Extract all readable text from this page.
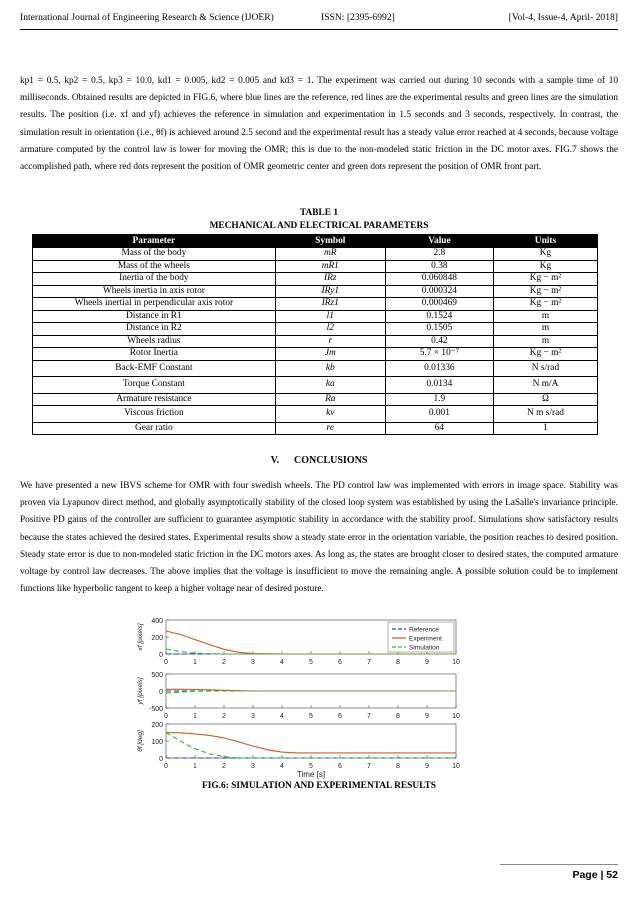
International Journal of Engineering Research & Science (IJOER)	ISSN: [2395-6992]	[Vol-4, Issue-4, April- 2018]

kp1 = 0.5, kp2 = 0.5, kp3 = 10.0, kd1 = 0.005, kd2 = 0.005 and kd3 = 1. The experiment was carried out during 10 seconds with a sample time of 10 milliseconds. Obtained results are depicted in FIG.6, where blue lines are the reference, red lines are the experimental results and green lines are the simulation results. The position (i.e. xf and yf) achieves the reference in simulation and experimentation in 1.5 seconds and 3 seconds, respectively. In contrast, the simulation result in orientation (i.e., θf) is achieved around 2.5 second and the experimental result has a steady value error reached at 4 seconds, because voltage armature computed by the control law is lower for moving the OMR; this is due to the non-modeled static friction in the DC motor axes. FIG.7 shows the accomplished path, where red dots represent the position of OMR geometric center and green dots represent the position of OMR front part.

TABLE 1
MECHANICAL AND ELECTRICAL PARAMETERS
Parameter	Symbol	Value	Units
Mass of the body	mR	2.8	Kg
Mass of the wheels	mR1	0.38	Kg
Inertia of the body	IRz	0.060848	Kg − m²
Wheels inertia in axis rotor	IRy1	0.000324	Kg − m²
Wheels inertial in perpendicular axis rotor	IRz1	0.000469	Kg − m²
Distance in R1	l1	0.1524	m
Distance in R2	l2	0.1505	m
Wheels radius	r	0.42	m
Rotor Inertia	Jm	5.7 × 10⁻⁷	Kg − m²
Back-EMF Constant	kb	0.01336	N s/rad
Torque Constant	ka	0.0134	N m/A
Armature resistance	Ra	1.9	Ω
Viscous friction	kv	0.001	N m s/rad
Gear ratio	re	64	1
V. CONCLUSIONS

We have presented a new IBVS scheme for OMR with four swedish wheels. The PD control law was implemented with errors in image space. Stability was proven via Lyapunov direct method, and globally asymptotically stability of the closed loop system was established by using the LaSalle's invariance principle. Positive PD gains of the controller are sufficient to guarantee asymptotic stability in accordance with the stability proof. Simulations show satisfactory results because the states achieved the desired states. Experimental results show a steady state error in the orientation variable, the position reaches to desired position. Steady state error is due to non-modeled static friction in the DC motors axes. As long as, the states are brought closer to desired states, the computed armature voltage by control law decreases. The above implies that the voltage is insufficient to move the remaining angle. A possible solution could be to implement functions like hyperbolic tangent to keep a higher voltage near of desired posture.

0
200
400
0	1	2	3	4	5	6	7	8	9	10
xf [pixels]
-500
0
500
0	1	2	3	4	5	6	7	8	9	10
yf [pixels]
0
100
200
0	1	2	3	4	5	6	7	8	9	10
θf [deg]
Time [s]
Reference
Experiment
Simulation
FIG.6: SIMULATION AND EXPERIMENTAL RESULTS
Page | 52
